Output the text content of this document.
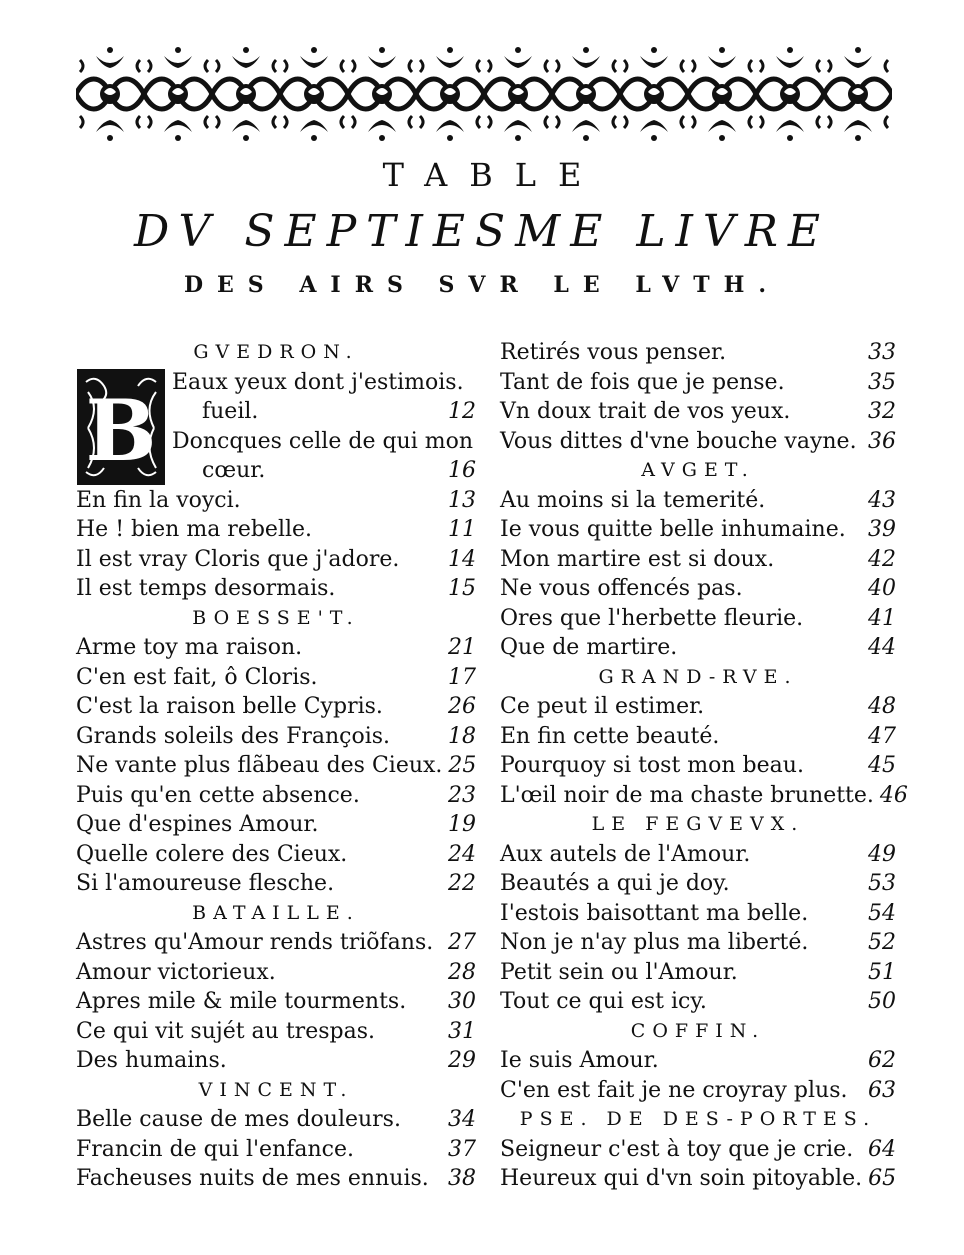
TABLE
DV SEPTIESME LIVRE
DES AIRS SVR LE LVTH.
GVEDRON.
B Eaux yeux dont j'estimois.
fueil.	12
Doncques celle de qui mon
cœur.	16
En fin la voyci.	13
He ! bien ma rebelle.	11
Il est vray Cloris que j'adore. 14
Il est temps desormais.	15
BOESSE'T.
Arme toy ma raison.	21
C'en est fait, ô Cloris.	17
C'est la raison belle Cypris.	26
Grands soleils des François.	18
Ne vante plus flãbeau des Cieux. 25
Puis qu'en cette absence.	23
Que d'espines Amour.	19
Quelle colere des Cieux.	24
Si l'amoureuse flesche.	22
BATAILLE.
Astres qu'Amour rends triõfans. 27
Amour victorieux.	28
Apres mile & mile tourments. 30
Ce qui vit sujét au trespas.	31
Des humains.	29
VINCENT.
Belle cause de mes douleurs. 34
Francin de qui l'enfance.	37
Facheuses nuits de mes ennuis. 38
Retirés vous penser.	33
Tant de fois que je pense.	35
Vn doux trait de vos yeux.	32
Vous dittes d'vne bouche vayne. 36
AVGET.
Au moins si la temerité.	43
Ie vous quitte belle inhumaine. 39
Mon martire est si doux.	42
Ne vous offencés pas.	40
Ores que l'herbette fleurie.	41
Que de martire.	44
GRAND-RVE.
Ce peut il estimer.	48
En fin cette beauté.	47
Pourquoy si tost mon beau.	45
L'œil noir de ma chaste brunette. 46
LE FEGVEVX.
Aux autels de l'Amour.	49
Beautés a qui je doy.	53
I'estois baisottant ma belle.	54
Non je n'ay plus ma liberté.	52
Petit sein ou l'Amour.	51
Tout ce qui est icy.	50
COFFIN.
Ie suis Amour.	62
C'en est fait je ne croyray plus. 63
PSE. DE DES-PORTES.
Seigneur c'est à toy que je crie. 64
Heureux qui d'vn soin pitoyable. 65
